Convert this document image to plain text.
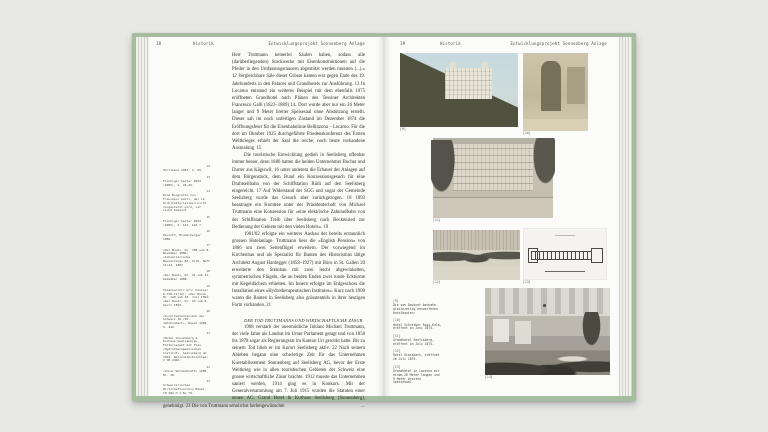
18	Historik	Entwicklungsprojekt Sonnenberg Anlage
12
Hürlimann 1983, S. 65.
13
Flückiger-Seiler 2003 (2005), S. 24–25.
14
Eine Biografie von Francesco Galli, der im Architekturlexikon nicht vorgestellt wird, ist nicht bekannt.
15
Flückiger-Seiler 2003 (2005), S. 141, 144 f.
16
Danioth, Hinderberger 1986.
17
«Der Bund», Nr. 308 vom 8. November 1886; «Schweizerische Bauzeitung» Bd. 9/10, Heft 11/12, 1887.
18
«Der Bund», Nr. 21 vom 31. Dezember 1888.
19
Staatsarchiv Uri: Dossier R-720-12(12); «Der Bund», Nr. 128 vom 28. Juli 1893; «Der Bund», Nr. 93 vom 8. April 1893.
20
«Architektenlexikon der Schweiz 19./20. Jahrhundert», Basel 1998, S. 242.
21
«Hotel Sonnenberg & Kurhaus Seelisberg», Faltprospekt mit Plan «Hydrotherapeutisches Institut», Seelisberg um 1903, Nationalbibliothek: V SM 2466.
22
«Urner Wochenblatt» 1908, Nr. 18.
23
Schweizerisches Wirtschaftsarchiv Basel, CH SWA H I Bv 79.

Herr Truttmann keinerlei Säulen haben, sodass alle (darüberliegenden) Stockwerke mit Eisenkonstruktionen auf die Pfeiler in den Umfassungsmauern abgestützt werden mussten (...).» 12 Vergleichbare Säle dieser Grösse kamen erst gegen Ende des 19. Jahrhunderts in den Palaces und Grandhotels zur Ausführung. 13 In Locarno entstand ein weiteres Beispiel mit dem ebenfalls 1875 eröffneten Grandhotel nach Plänen des Tessiner Architekten Francesco Galli (1822–1889) 14. Dort wurde aber nur ein 26 Meter langer und 9 Meter breiter Speisesaal ohne Abstützung erstellt. Dieser sah im noch unfertigen Zustand im Dezember 1874 die Eröffnungsfeier für die Eisenbahnlinie Bellinzona – Locarno. Für die dort im Oktober 1925 durchgeführte Friedenskonferenz des Ersten Weltkrieges erhielt der Saal die reiche, noch heute vorhandene Ausmalung. 15

Die touristische Entwicklung gedieh in Seelisberg offenbar immer besser, denn 1886 hatten die beiden Unternehmer Bucher und Durrer aus Kägiswil, 16 unter anderem die Erbauer der Anlagen auf dem Bürgenstock, dem Bund ein Konzessionsgesuch für eine Drahtseilbahn von der Schiffstation Rütli auf den Seelisberg eingereicht. 17 Auf Widerstand der SGG und sogar der Gemeinde Seelisberg wurde das Gesuch aber zurückgezogen. 18 1893 beantragte ein Komitee unter der Präsidentschaft von Michael Truttmann eine Konzession für «eine elektrische Zahnradbahn von der Schiffstation Treib über Seelisberg nach Beckenried zur Bedienung der Gebiete mit den vielen Hotels». 19

1901/02 erfolgte ein weiterer Ausbau der bereits erstaunlich grossen Hotelanlage. Truttmann liess die «English Pension» von 1866 um zwei Seitenflügel erweitern. Der vorwiegend im Kirchenbau und als Spezialist für Bauten des Historismus tätige Architekt August Hardegger (1858–1927) mit Büro in St. Gallen 20 erweiterte den Steinbau mit zwei leicht abgewinkelten, symmetrischen Flügeln, die an beiden Enden zwei runde Ecktürme mit Kegeldächern erhielten. Im Innern erfolgte im Erdgeschoss die Installation eines «Hydrotherapeutischen Institutes». Kurz nach 1900 waren die Bauten in Seelisberg also grösstenteils in ihrer heutigen Form vorhanden. 21

DER TOD TRUTTMANNS UND WIRTSCHAFTLICHE ZÄSUR

1908 verstarb der unermüdliche Initiant Michael Truttmann, der viele Jahre als Landrat im Urner Parlament getagt und von 1858 bis 1878 sogar als Regierungsrat im Kanton Uri gewirkt hatte. Bis zu seinem Tod blieb er im Kurort Seelisberg aktiv. 22 Nach seinem Ableben begann eine schwierige Zeit für das Unternehmen Kuretablissement Sonnenberg auf Seelisberg AG, bevor der Erste Weltkrieg wie in allen touristischen Gebieten der Schweiz eine grosse wirtschaftliche Zäsur brachte. 1912 musste das Unternehmen saniert werden, 1914 ging es in Konkurs. Mit der Generalversammlung am 7. Juli 1915 wurden die Statuten einer neuen AG, Grand Hotel & Kurhaus Seelisberg (Sonnenberg), genehmigt. 23 Die von Truttmann sehnlichst herbeigewünschte	→
19	Historik	Entwicklungsprojekt Sonnenberg Anlage
[9]
[10]
[11]
[12]	[13]
[14]
[9]
Die von Davinet beinahe gleichzeitig entworfenen Hotelbauten:
[10]
Hotel Schreiber Rigi-Kulm, eröffnet im Juni 1875.
[11]
Grandhotel Seelisberg, eröffnet im Juli 1875.
[12]
Hotel Giessbach, eröffnet im Juli 1875.
[13]
Grandhotel in Locarno mit einem 26 Meter langen und 9 Meter breiten Speisesaal.
